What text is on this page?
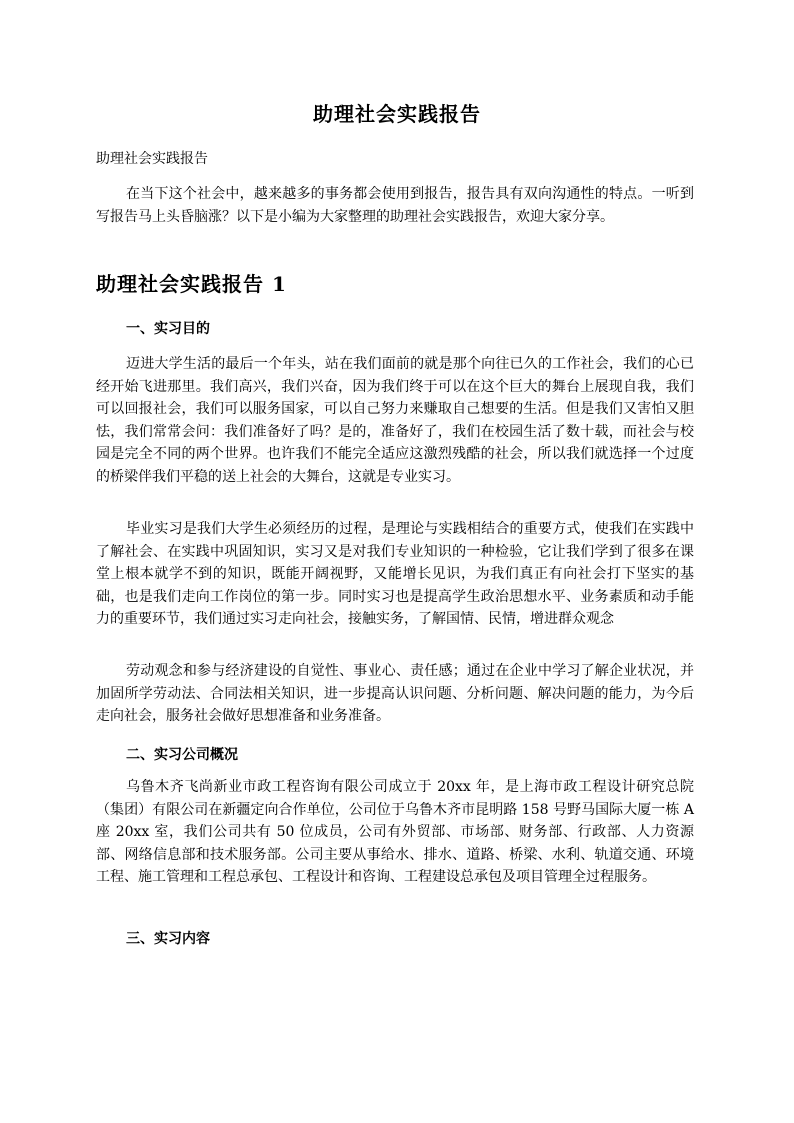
助理社会实践报告

助理社会实践报告

在当下这个社会中，越来越多的事务都会使用到报告，报告具有双向沟通性的特点。一听到写报告马上头昏脑涨？以下是小编为大家整理的助理社会实践报告，欢迎大家分享。

助理社会实践报告 1
一、实习目的

迈进大学生活的最后一个年头，站在我们面前的就是那个向往已久的工作社会，我们的心已经开始飞进那里。我们高兴，我们兴奋，因为我们终于可以在这个巨大的舞台上展现自我，我们可以回报社会，我们可以服务国家，可以自己努力来赚取自己想要的生活。但是我们又害怕又胆怯，我们常常会问：我们准备好了吗？是的，准备好了，我们在校园生活了数十载，而社会与校园是完全不同的两个世界。也许我们不能完全适应这激烈残酷的社会，所以我们就选择一个过度的桥梁伴我们平稳的送上社会的大舞台，这就是专业实习。

毕业实习是我们大学生必须经历的过程，是理论与实践相结合的重要方式，使我们在实践中了解社会、在实践中巩固知识，实习又是对我们专业知识的一种检验，它让我们学到了很多在课堂上根本就学不到的知识，既能开阔视野，又能增长见识，为我们真正有向社会打下坚实的基础，也是我们走向工作岗位的第一步。同时实习也是提高学生政治思想水平、业务素质和动手能力的重要环节，我们通过实习走向社会，接触实务，了解国情、民情，增进群众观念

劳动观念和参与经济建设的自觉性、事业心、责任感；通过在企业中学习了解企业状况，并加固所学劳动法、合同法相关知识，进一步提高认识问题、分析问题、解决问题的能力，为今后走向社会，服务社会做好思想准备和业务准备。

二、实习公司概况

乌鲁木齐飞尚新业市政工程咨询有限公司成立于 20xx 年，是上海市政工程设计研究总院（集团）有限公司在新疆定向合作单位，公司位于乌鲁木齐市昆明路 158 号野马国际大厦一栋 A 座 20xx 室，我们公司共有 50 位成员，公司有外贸部、市场部、财务部、行政部、人力资源部、网络信息部和技术服务部。公司主要从事给水、排水、道路、桥梁、水利、轨道交通、环境工程、施工管理和工程总承包、工程设计和咨询、工程建设总承包及项目管理全过程服务。

三、实习内容
